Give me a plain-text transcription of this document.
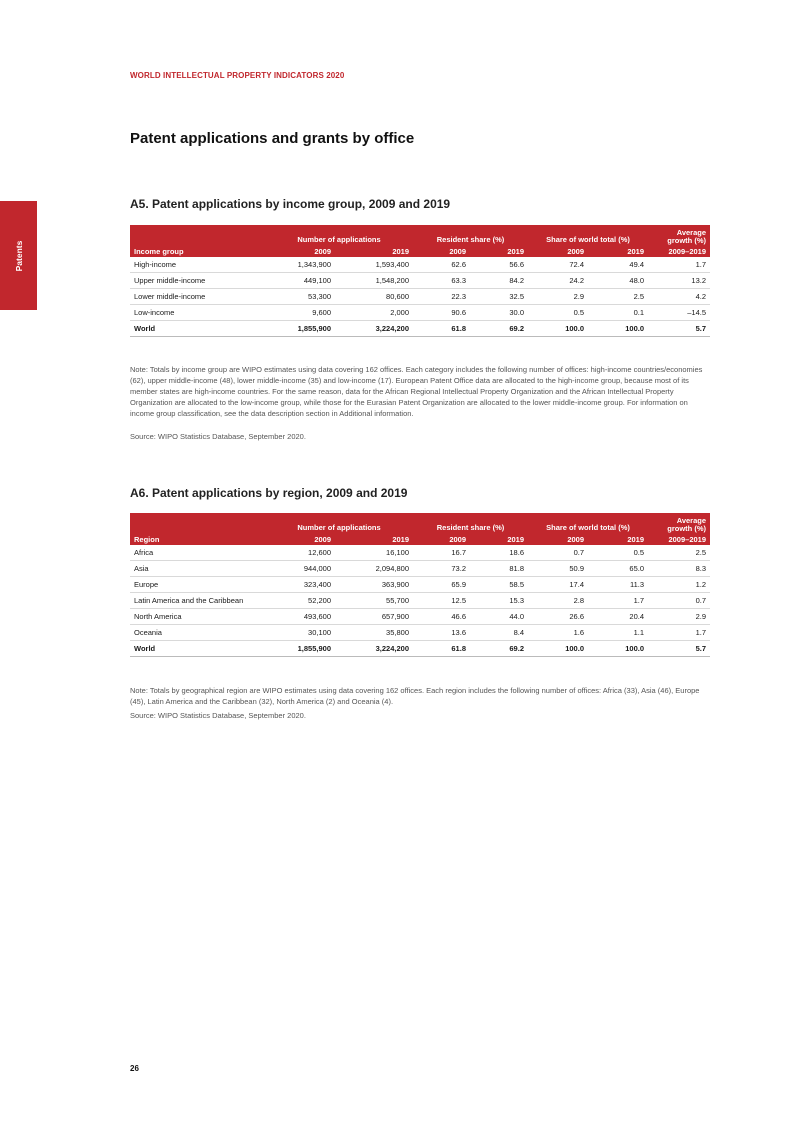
WORLD INTELLECTUAL PROPERTY INDICATORS 2020
Patents
Patent applications and grants by office
A5. Patent applications by income group, 2009 and 2019
	Number of applications		Resident share (%)		Share of world total (%)		Average
growth (%)
Income group	2009	2019	2009	2019	2009	2019	2009–2019
High-income	1,343,900	1,593,400	62.6	56.6	72.4	49.4	1.7
Upper middle-income	449,100	1,548,200	63.3	84.2	24.2	48.0	13.2
Lower middle-income	53,300	80,600	22.3	32.5	2.9	2.5	4.2
Low-income	9,600	2,000	90.6	30.0	0.5	0.1	–14.5
World	1,855,900	3,224,200	61.8	69.2	100.0	100.0	5.7
Note: Totals by income group are WIPO estimates using data covering 162 offices. Each category includes the following number of offices: high-income countries/economies (62), upper middle-income (48), lower middle-income (35) and low-income (17). European Patent Office data are allocated to the high-income group, because most of its member states are high-income countries. For the same reason, data for the African Regional Intellectual Property Organization and the African Intellectual Property Organization are allocated to the low-income group, while those for the Eurasian Patent Organization are allocated to the lower middle-income group. For information on income group classification, see the data description section in Additional information.
Source: WIPO Statistics Database, September 2020.
A6. Patent applications by region, 2009 and 2019
	Number of applications		Resident share (%)		Share of world total (%)		Average
growth (%)
Region	2009	2019	2009	2019	2009	2019	2009–2019
Africa	12,600	16,100	16.7	18.6	0.7	0.5	2.5
Asia	944,000	2,094,800	73.2	81.8	50.9	65.0	8.3
Europe	323,400	363,900	65.9	58.5	17.4	11.3	1.2
Latin America and the Caribbean	52,200	55,700	12.5	15.3	2.8	1.7	0.7
North America	493,600	657,900	46.6	44.0	26.6	20.4	2.9
Oceania	30,100	35,800	13.6	8.4	1.6	1.1	1.7
World	1,855,900	3,224,200	61.8	69.2	100.0	100.0	5.7
Note: Totals by geographical region are WIPO estimates using data covering 162 offices. Each region includes the following number of offices: Africa (33), Asia (46), Europe (45), Latin America and the Caribbean (32), North America (2) and Oceania (4).
Source: WIPO Statistics Database, September 2020.
26
